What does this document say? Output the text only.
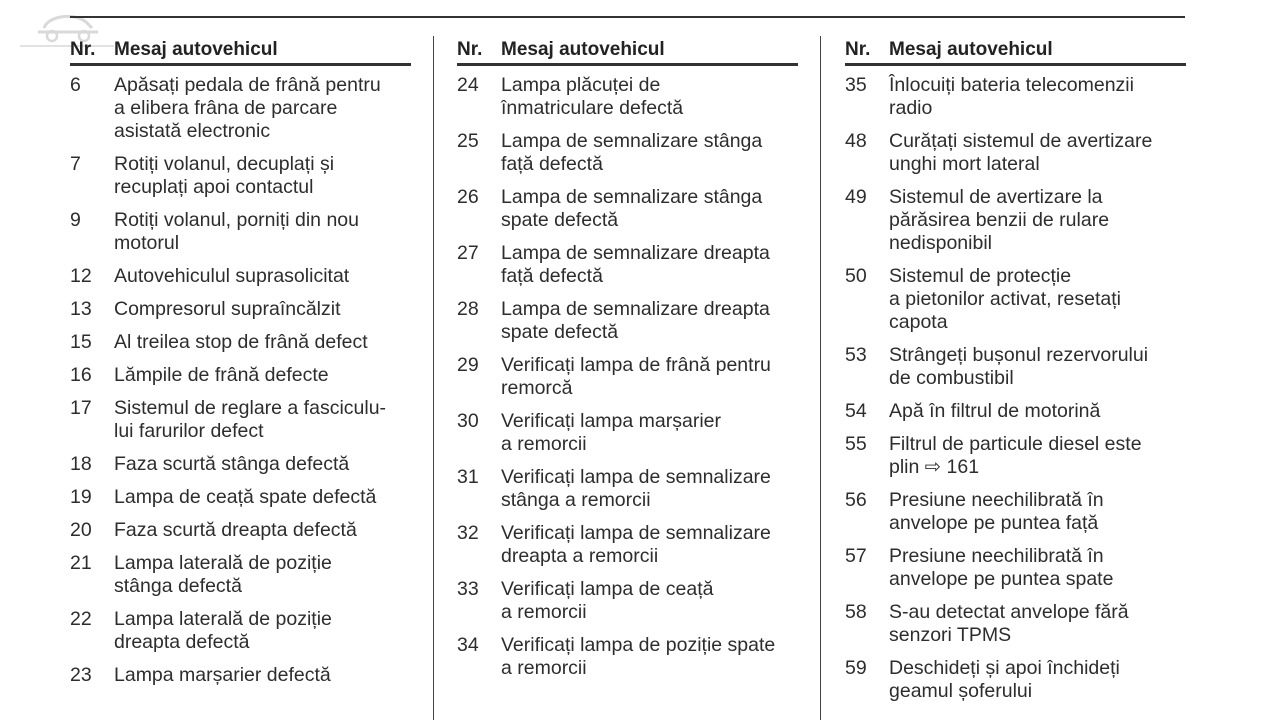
Nr. Mesaj autovehicul
6	Apăsați pedala de frână pentru
a elibera frâna de parcare
asistată electronic
7	Rotiți volanul, decuplați și
recuplați apoi contactul
9	Rotiți volanul, porniți din nou
motorul
12	Autovehiculul suprasolicitat
13	Compresorul supraîncălzit
15	Al treilea stop de frână defect
16	Lămpile de frână defecte
17	Sistemul de reglare a fasciculu-
lui farurilor defect
18	Faza scurtă stânga defectă
19	Lampa de ceață spate defectă
20	Faza scurtă dreapta defectă
21	Lampa laterală de poziție
stânga defectă
22	Lampa laterală de poziție
dreapta defectă
23	Lampa marșarier defectă
Nr. Mesaj autovehicul
24	Lampa plăcuței de
înmatriculare defectă
25	Lampa de semnalizare stânga
față defectă
26	Lampa de semnalizare stânga
spate defectă
27	Lampa de semnalizare dreapta
față defectă
28	Lampa de semnalizare dreapta
spate defectă
29	Verificați lampa de frână pentru
remorcă
30	Verificați lampa marșarier
a remorcii
31	Verificați lampa de semnalizare
stânga a remorcii
32	Verificați lampa de semnalizare
dreapta a remorcii
33	Verificați lampa de ceață
a remorcii
34	Verificați lampa de poziție spate
a remorcii
Nr. Mesaj autovehicul
35	Înlocuiți bateria telecomenzii
radio
48	Curățați sistemul de avertizare
unghi mort lateral
49	Sistemul de avertizare la
părăsirea benzii de rulare
nedisponibil
50	Sistemul de protecție
a pietonilor activat, resetați
capota
53	Strângeți bușonul rezervorului
de combustibil
54	Apă în filtrul de motorină
55	Filtrul de particule diesel este
plin ⇨ 161
56	Presiune neechilibrată în
anvelope pe puntea față
57	Presiune neechilibrată în
anvelope pe puntea spate
58	S-au detectat anvelope fără
senzori TPMS
59	Deschideți și apoi închideți
geamul șoferului
